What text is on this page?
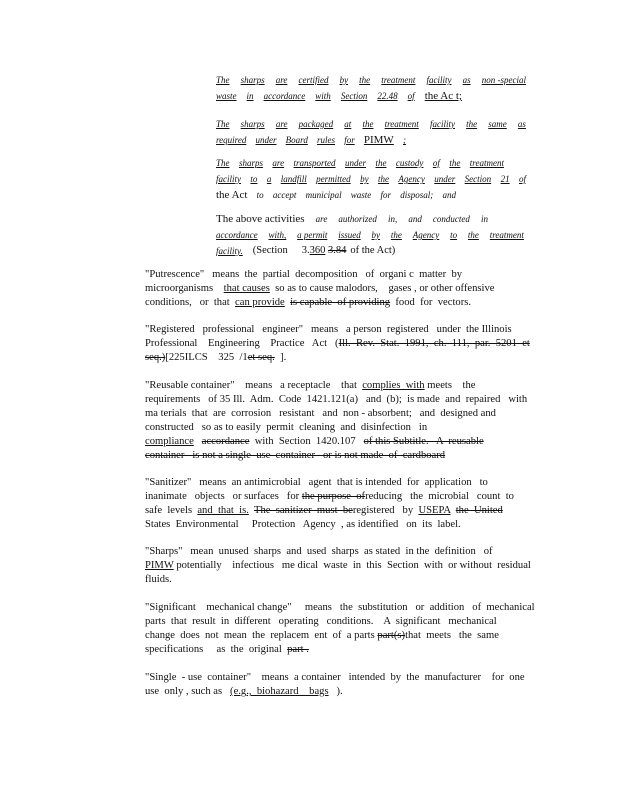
The sharps are certified by the treatment facility as non -special
waste in accordance with Section 22.48 of the Ac t;
The sharps are packaged at the treatment facility the same as
required under Board rules for PIMW ;
The sharps are transported under the custody of the treatment
facility to a landfill permitted by the Agency under Section 21 of
the Act to accept municipal waste for disposal; and
The above activities are authorized in, and conducted in
accordance with, a permit issued by the Agency to the treatment
facility. (Section 3.360 3.84 of the Act)
"Putrescence"   means  the  partial  decomposition   of  organi c  matter  by
microorganisms that causes so as to cause malodors, gases , or other offensive
conditions,   or  that can provide is capable  of providing food  for  vectors.
"Registered   professional   engineer"   means   a person  registered   under  the Illinois
Professional    Engineering    Practice   Act   (Ill.  Rev.  Stat.  1991,  ch.  111,  par.  5201  et
seq.)[225ILCS    325  /1et seq. ].
"Reusable container"    means   a receptacle    that complies  with meets    the
requirements   of 35 Ill.  Adm.  Code  1421.121(a)   and  (b);  is made  and  repaired   with
ma terials  that  are  corrosion   resistant   and  non - absorbent;   and  designed and
constructed   so as to easily  permit  cleaning  and  disinfection   in
compliance accordance with  Section  1420.107 of this Subtitle.   A  reusable
container   is not a single  use  container   or is not made  of  cardboard
"Sanitizer"   means  an antimicrobial   agent  that is intended  for  application   to
inanimate   objects   or surfaces   for the purpose  ofreducing   the  microbial   count  to
safe  levels and  that  is. The  sanitizer  must  beregistered   by USEPA the  United
States  Environmental     Protection   Agency  , as identified   on  its  label.
"Sharps"   mean  unused  sharps  and  used  sharps  as stated  in the  definition   of
PIMW potentially    infectious   me dical  waste  in  this  Section  with  or without  residual
fluids.
"Significant    mechanical change"     means   the  substitution   or  addition   of  mechanical
parts  that  result  in  different   operating   conditions.    A  significant   mechanical
change  does  not  mean  the  replacem  ent  of  a parts part(s)that  meets   the  same
specifications     as  the  original part .
"Single  - use  container"    means  a container   intended  by  the  manufacturer    for  one
use  only , such as (e.g.,  biohazard    bags ).
